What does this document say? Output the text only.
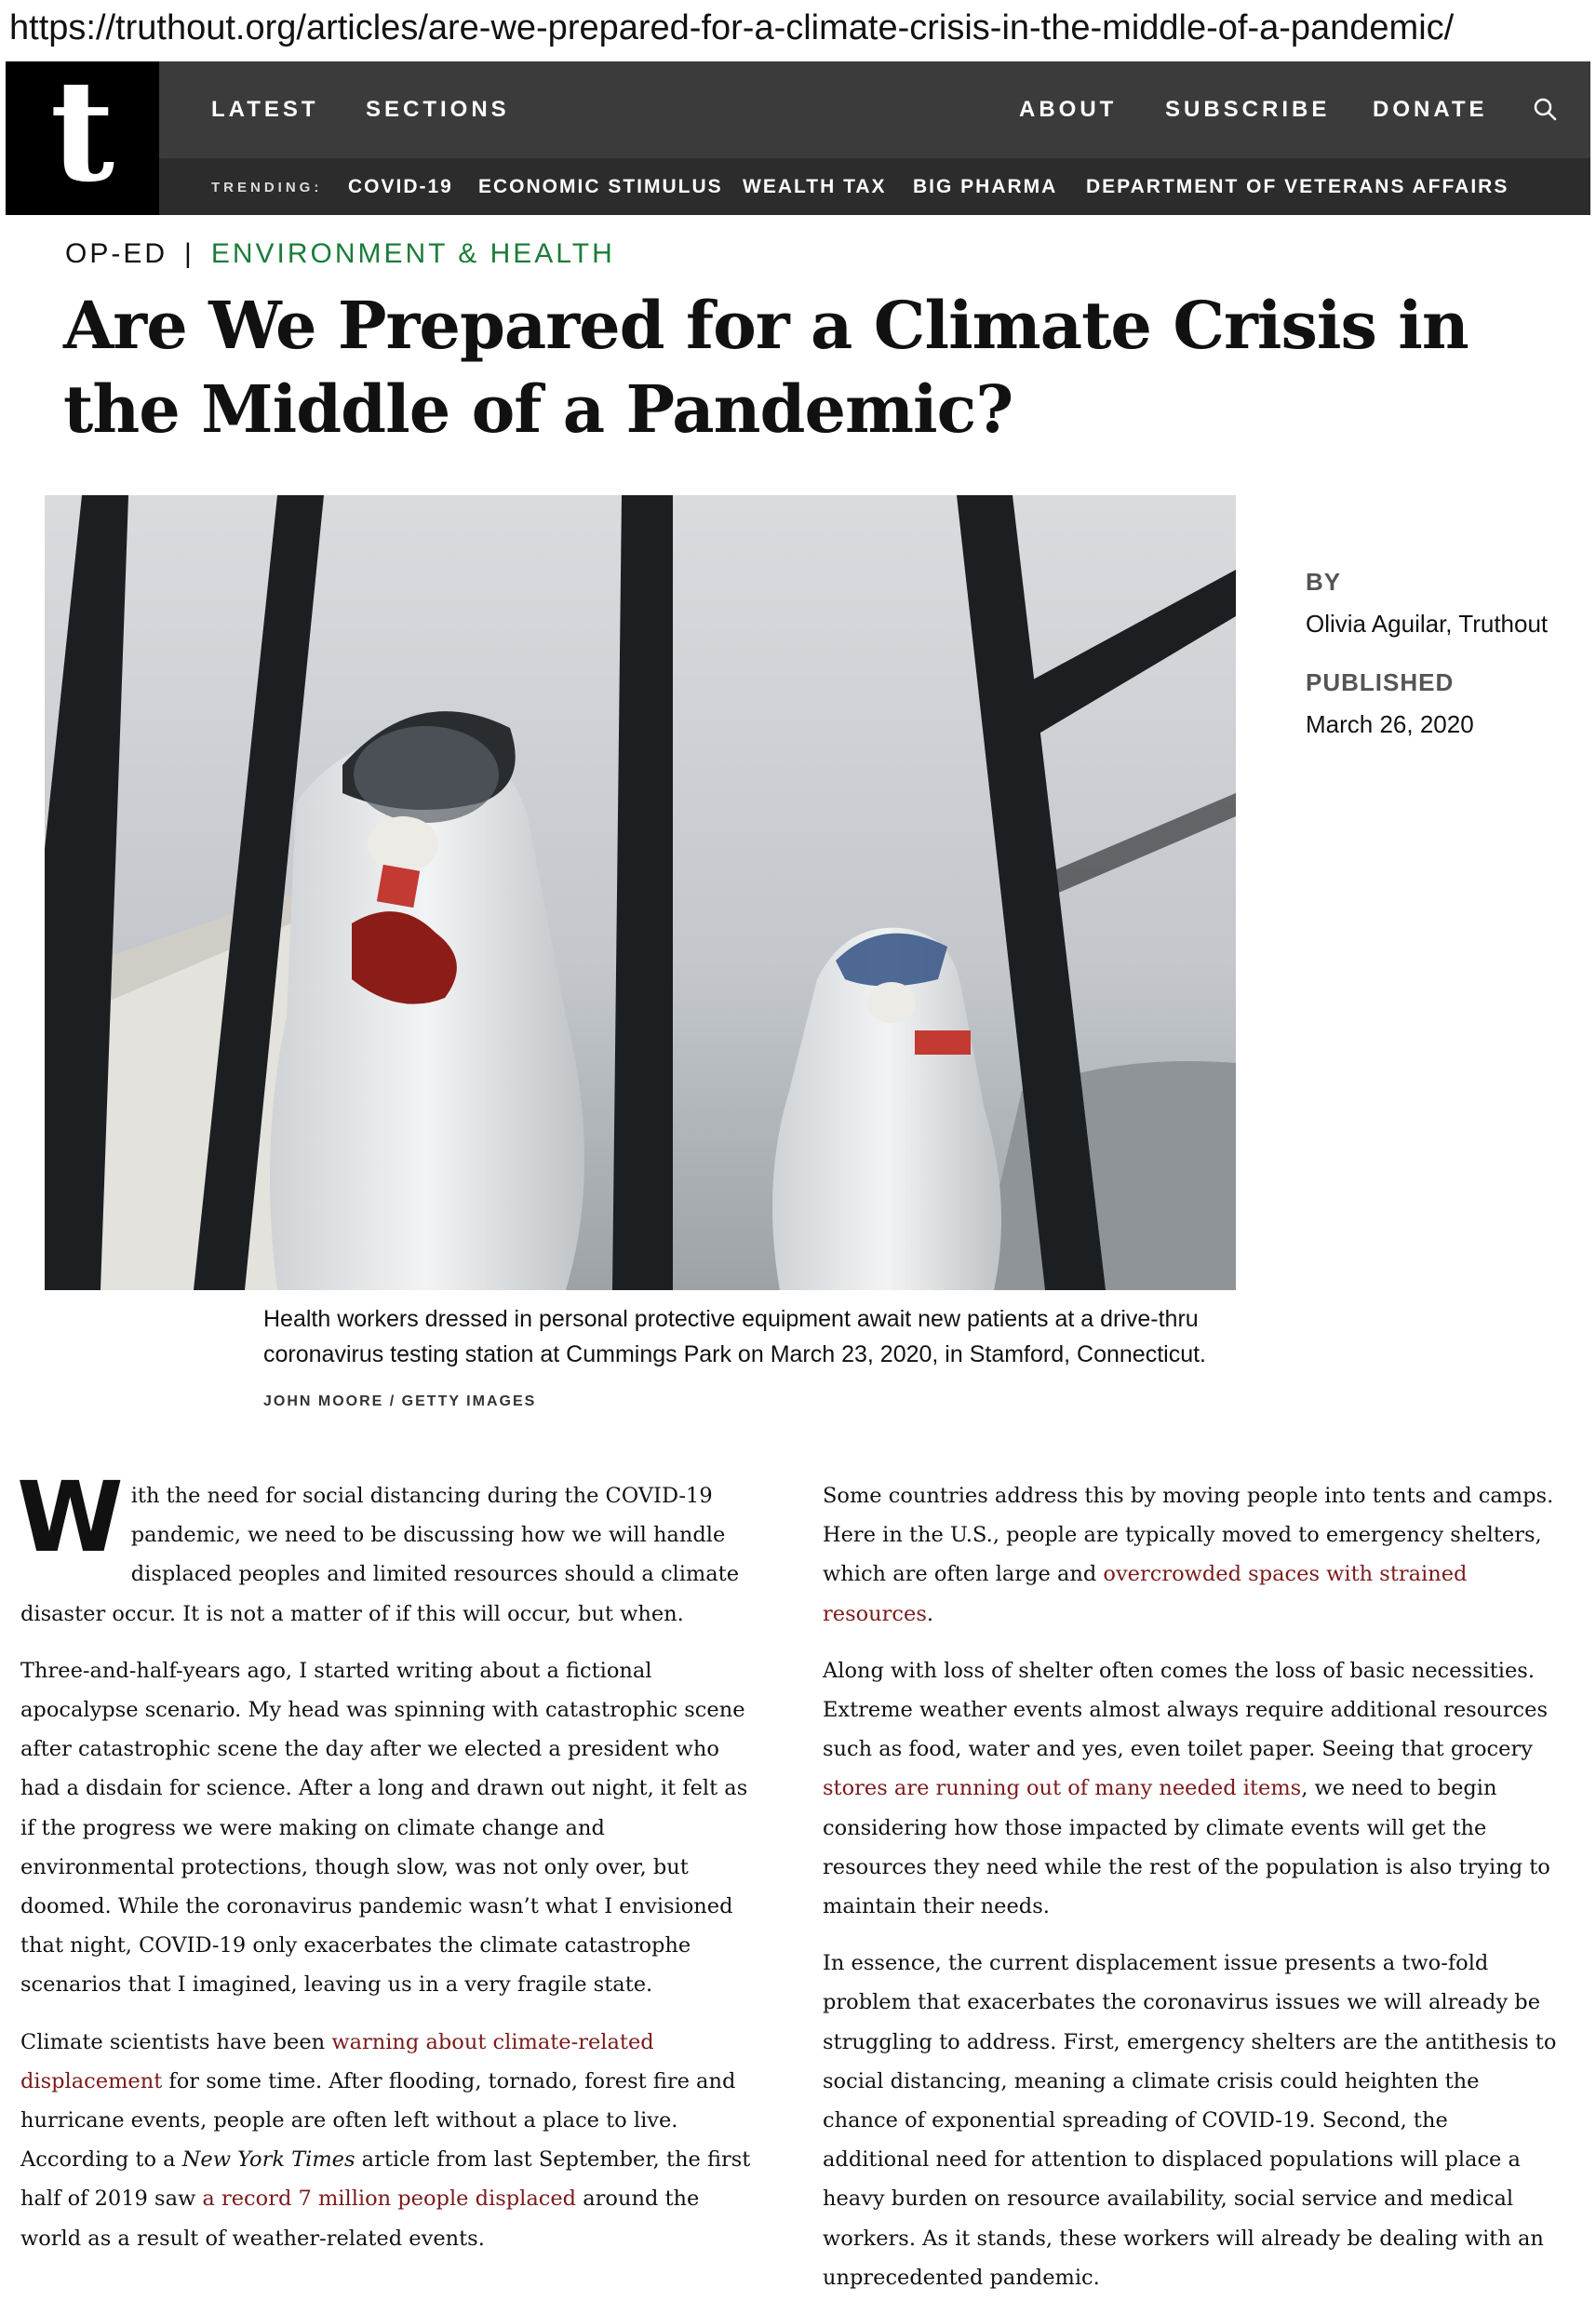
https://truthout.org/articles/are-we-prepared-for-a-climate-crisis-in-the-middle-of-a-pandemic/
t	LATEST SECTIONS	ABOUT SUBSCRIBE DONATE
TRENDING: COVID-19 ECONOMIC STIMULUS WEALTH TAX BIG PHARMA DEPARTMENT OF VETERANS AFFAIRS
OP-ED | ENVIRONMENT & HEALTH
Are We Prepared for a Climate Crisis in the Middle of a Pandemic?
BY
Olivia Aguilar, Truthout
PUBLISHED
March 26, 2020
Health workers dressed in personal protective equipment await new patients at a drive-thru coronavirus testing station at Cummings Park on March 23, 2020, in Stamford, Connecticut.
JOHN MOORE / GETTY IMAGES

With the need for social distancing during the COVID-19 pandemic, we need to be discussing how we will handle displaced peoples and limited resources should a climate disaster occur. It is not a matter of if this will occur, but when.

Three-and-half-years ago, I started writing about a fictional apocalypse scenario. My head was spinning with catastrophic scene after catastrophic scene the day after we elected a president who had a disdain for science. After a long and drawn out night, it felt as if the progress we were making on climate change and environmental protections, though slow, was not only over, but doomed. While the coronavirus pandemic wasn’t what I envisioned that night, COVID-19 only exacerbates the climate catastrophe scenarios that I imagined, leaving us in a very fragile state.

Climate scientists have been warning about climate-related displacement for some time. After flooding, tornado, forest fire and hurricane events, people are often left without a place to live. According to a New York Times article from last September, the first half of 2019 saw a record 7 million people displaced around the world as a result of weather-related events.

Some countries address this by moving people into tents and camps. Here in the U.S., people are typically moved to emergency shelters, which are often large and overcrowded spaces with strained resources.

Along with loss of shelter often comes the loss of basic necessities. Extreme weather events almost always require additional resources such as food, water and yes, even toilet paper. Seeing that grocery stores are running out of many needed items, we need to begin considering how those impacted by climate events will get the resources they need while the rest of the population is also trying to maintain their needs.

In essence, the current displacement issue presents a two-fold problem that exacerbates the coronavirus issues we will already be struggling to address. First, emergency shelters are the antithesis to social distancing, meaning a climate crisis could heighten the chance of exponential spreading of COVID-19. Second, the additional need for attention to displaced populations will place a heavy burden on resource availability, social service and medical workers. As it stands, these workers will already be dealing with an unprecedented pandemic.
